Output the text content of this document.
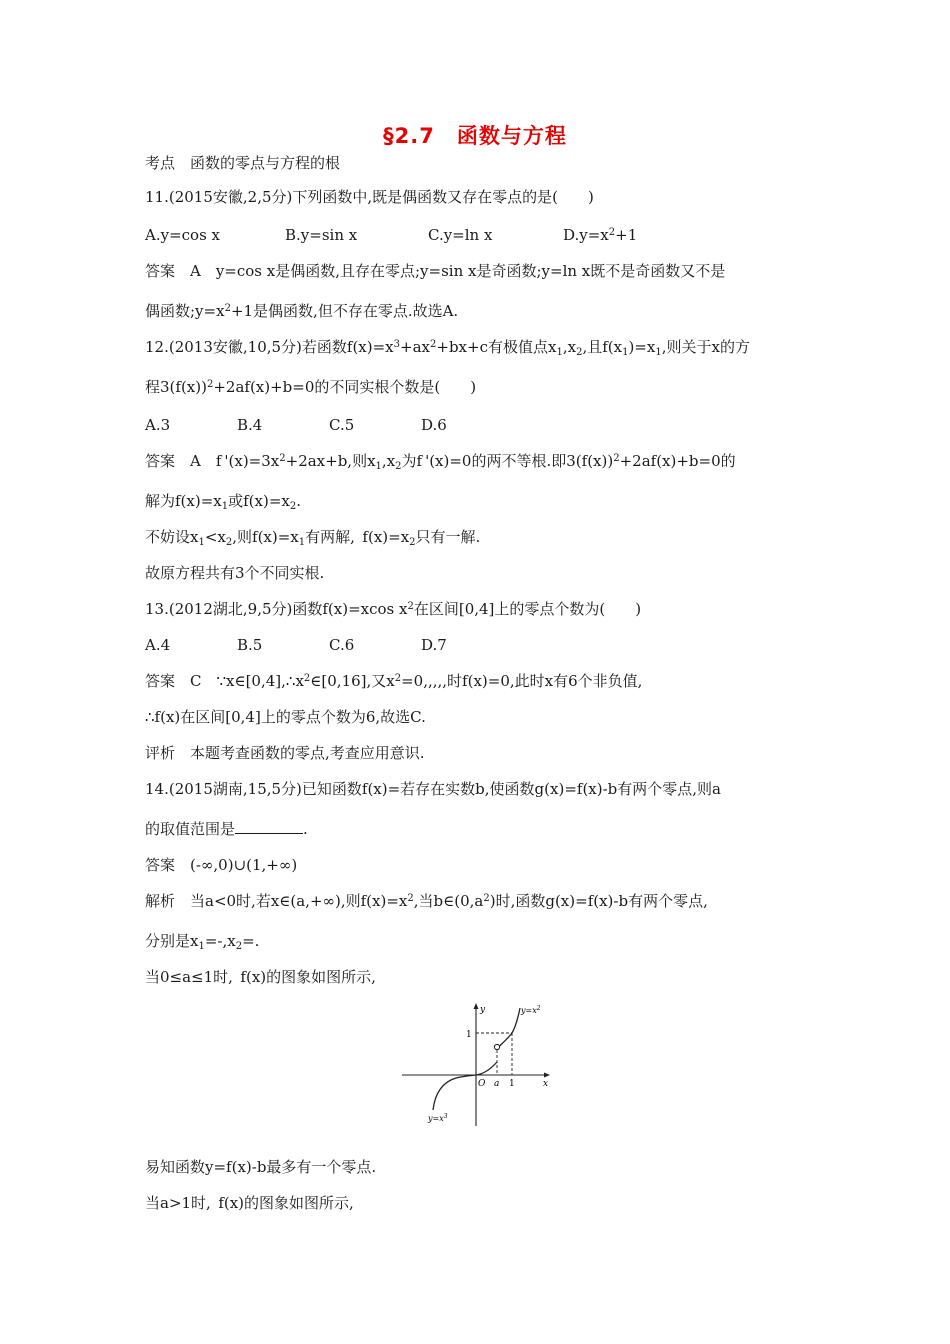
§2.7 函数与方程
考点 函数的零点与方程的根
11.(2015安徽,2,5分)下列函数中,既是偶函数又存在零点的是(  )
A.y=cos x	B.y=sin x	C.y=ln x	$D.y=x^2+1$
答案 A y=cos x是偶函数,且存在零点;y=sin x是奇函数;y=ln x既不是奇函数又不是
偶函数$;y=x^2+1$是偶函数,但不存在零点.故选A.
12.(2013安徽,10,5分)若函数$f(x)=x^3+ax^2+bx+c$有极值点$x_1,x_2$,且$f(x_1)=x_1$,则关于x的方
程$3(f(x))^2+2af(x)+b=0$的不同实根个数是(  )
A.3	B.4	C.5	D.6
答案 A f '$(x)=3x^2+2ax+b$,则$x_1,x_2$为f '(x)=0的两不等根.即$3(f(x))^2+2af(x)+b=0$的
解为$f(x)=x_1$或$f(x)=x_2$.
不妨设$x_1<x_2$,则$f(x)=x_1$有两解, $f(x)=x_2$只有一解.
故原方程共有3个不同实根.
13.(2012湖北,9,5分)函数f(x)=xcos $x^2$在区间[0,4]上的零点个数为(  )
A.4	B.5	C.6	D.7
答案 C $\because x\in[0,4],\therefore x^2\in[0,16]$,又$x^2=0$,,,,,时f(x)=0,此时x有6个非负值,
∴f(x)在区间[0,4]上的零点个数为6,故选C.
评析 本题考查函数的零点,考查应用意识.
14.(2015湖南,15,5分)已知函数f(x)=若存在实数b,使函数g(x)=f(x)-b有两个零点,则a
的取值范围是	.
答案 (-∞,0)∪(1,+∞)
解析 当a<0时,若x∈(a,+∞),则$f(x)=x^2$,当$b\in(0,a^2)$时,函数g(x)=f(x)-b有两个零点,
分别是$x_1=-,x_2=$.
当0≤a≤1时, f(x)的图象如图所示,
y
x
O a 1
1
$y=x^2$
$y=x^3$
易知函数y=f(x)-b最多有一个零点.
当a>1时, f(x)的图象如图所示,
